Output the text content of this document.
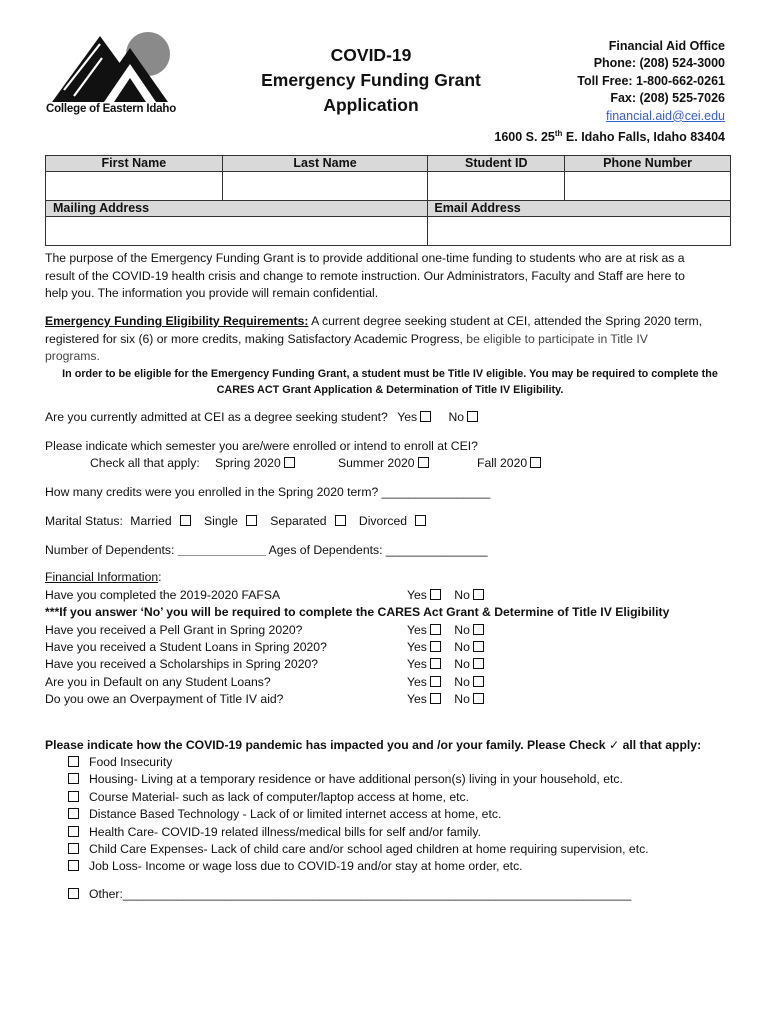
College of Eastern Idaho
COVID-19
Emergency Funding Grant
Application
Financial Aid Office
Phone: (208) 524-3000
Toll Free: 1-800-662-0261
Fax: (208) 525-7026
financial.aid@cei.edu
1600 S. 25th E. Idaho Falls, Idaho 83404
First Name	Last Name	Student ID	Phone Number

Mailing Address		Email Address	

The purpose of the Emergency Funding Grant is to provide additional one-time funding to students who are at risk as a
result of the COVID-19 health crisis and change to remote instruction. Our Administrators, Faculty and Staff are here to
help you. The information you provide will remain confidential.
Emergency Funding Eligibility Requirements: A current degree seeking student at CEI, attended the Spring 2020 term,
registered for six (6) or more credits, making Satisfactory Academic Progress, be eligible to participate in Title IV
programs.
In order to be eligible for the Emergency Funding Grant, a student must be Title IV eligible. You may be required to complete the
CARES ACT Grant Application & Determination of Title IV Eligibility.
Are you currently admitted at CEI as a degree seeking student? Yes	No
Please indicate which semester you are/were enrolled or intend to enroll at CEI?
Check all that apply: Spring 2020	Summer 2020	Fall 2020
How many credits were you enrolled in the Spring 2020 term? ________________
Marital Status: Married	Single	Separated	Divorced
Number of Dependents: _____________ Ages of Dependents: _______________
Financial Information:
Have you completed the 2019-2020 FAFSA	Yes No
***If you answer ‘No’ you will be required to complete the CARES Act Grant & Determine of Title IV Eligibility
Have you received a Pell Grant in Spring 2020?	Yes No
Have you received a Student Loans in Spring 2020?	Yes No
Have you received a Scholarships in Spring 2020?	Yes No
Are you in Default on any Student Loans?	Yes No
Do you owe an Overpayment of Title IV aid?	Yes No
Please indicate how the COVID-19 pandemic has impacted you and /or your family. Please Check ✓ all that apply:
Food Insecurity
Housing- Living at a temporary residence or have additional person(s) living in your household, etc.
Course Material- such as lack of computer/laptop access at home, etc.
Distance Based Technology - Lack of or limited internet access at home, etc.
Health Care- COVID-19 related illness/medical bills for self and/or family.
Child Care Expenses- Lack of child care and/or school aged children at home requiring supervision, etc.
Job Loss- Income or wage loss due to COVID-19 and/or stay at home order, etc.
Other:___________________________________________________________________________
